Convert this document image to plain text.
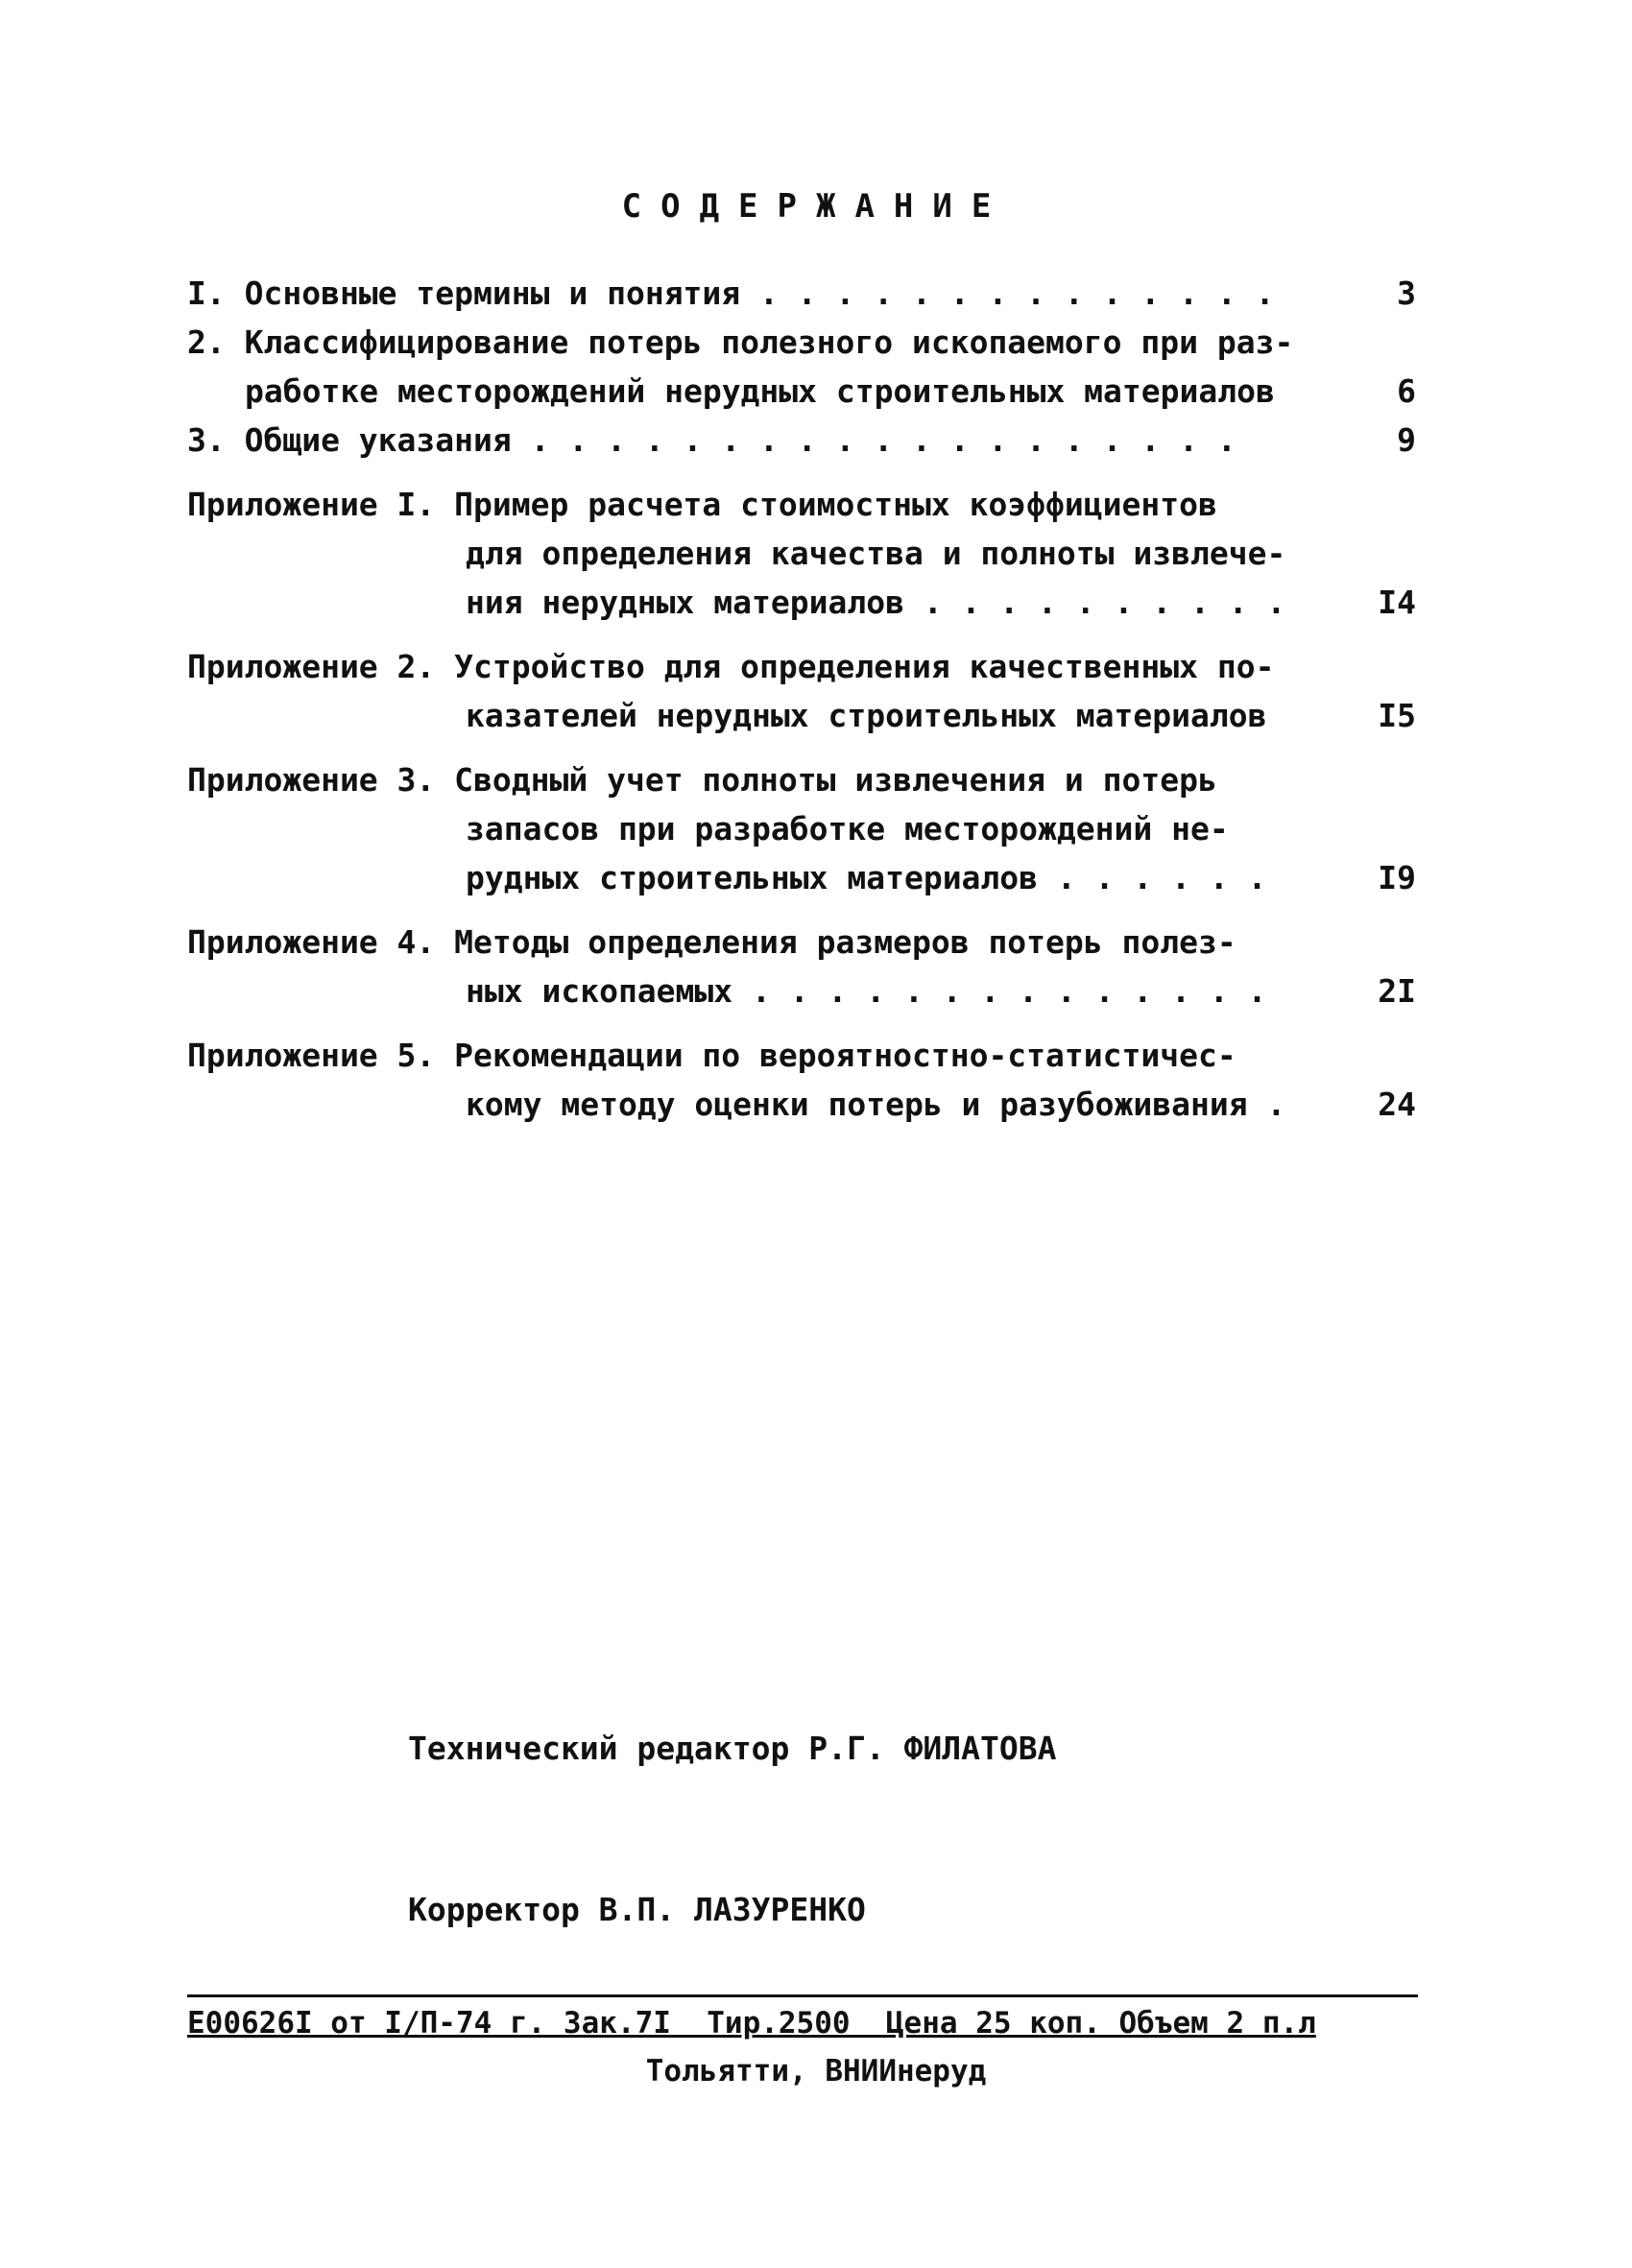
СОДЕРЖАНИЕ
I. Основные термины и понятия . . . . . . . . . . . . . .	3
2. Классифицирование потерь полезного ископаемого при раз-
работке месторождений нерудных строительных материалов	6
3. Общие указания . . . . . . . . . . . . . . . . . . .	9
Приложение I. Пример расчета стоимостных коэффициентов
для определения качества и полноты извлече-
ния нерудных материалов . . . . . . . . . .	I4
Приложение 2. Устройство для определения качественных по-
казателей нерудных строительных материалов	I5
Приложение 3. Сводный учет полноты извлечения и потерь
запасов при разработке месторождений не-
рудных строительных материалов . . . . . .	I9
Приложение 4. Методы определения размеров потерь полез-
ных ископаемых . . . . . . . . . . . . . .	2I
Приложение 5. Рекомендации по вероятностно-статистичес-
кому методу оценки потерь и разубоживания .	24

Технический редактор Р.Г. ФИЛАТОВА

Корректор В.П. ЛАЗУРЕНКО

Е00626I от I/П-74 г. Зак.7I  Тир.2500  Цена 25 коп. Объем 2 п.л
Тольятти, ВНИИнеруд
